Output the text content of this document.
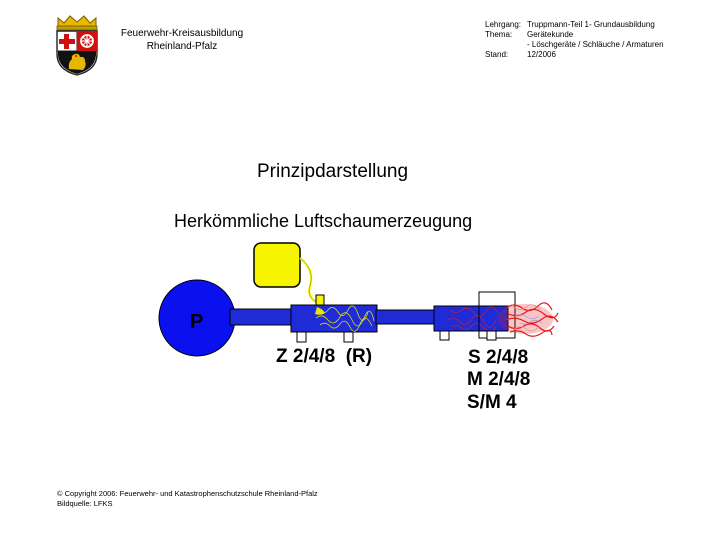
Feuerwehr-Kreisausbildung
Rheinland-Pfalz
Lehrgang: Truppmann-Teil 1- Grundausbildung
Thema: Gerätekunde
- Löschgeräte / Schläuche / Armaturen
Stand: 12/2006
Prinzipdarstellung
Herkömmliche Luftschaumerzeugung
P
Z 2/4/8  (R)	S 2/4/8
M 2/4/8
S/M 4
© Copyright 2006: Feuerwehr- und Katastrophenschutzschule Rheinland-Pfalz
Bildquelle: LFKS
